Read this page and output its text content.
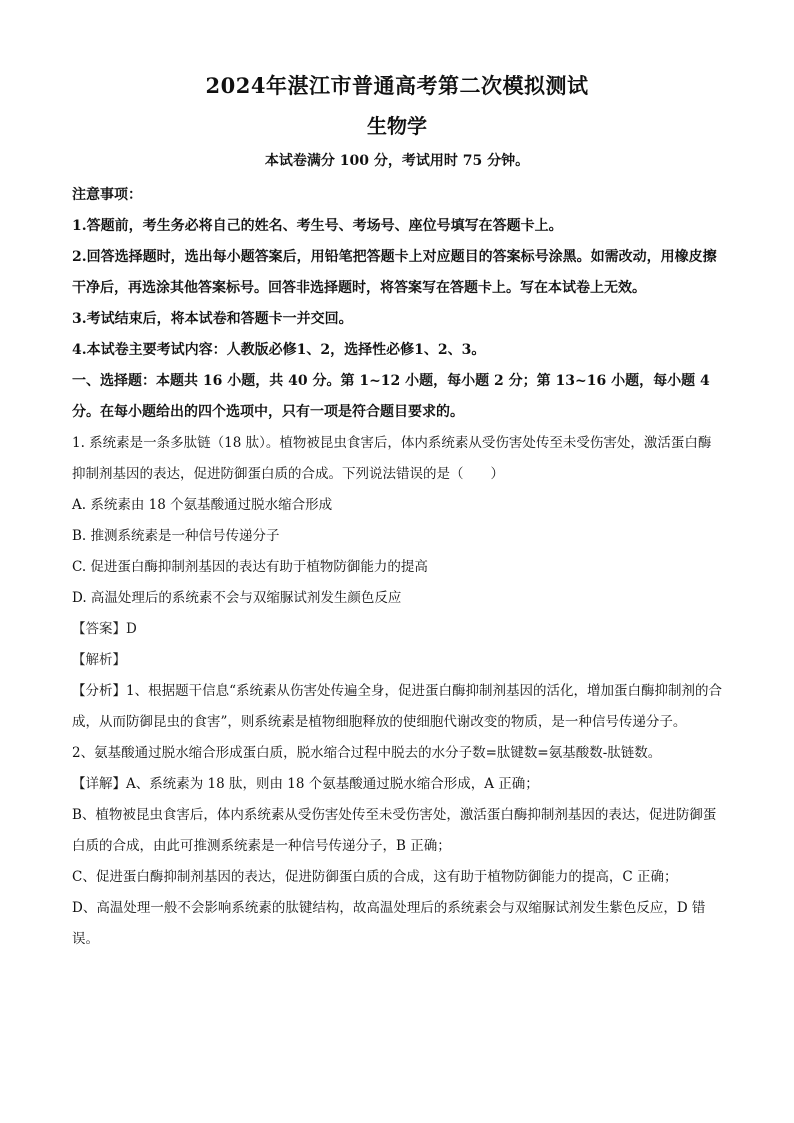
2024年湛江市普通高考第二次模拟测试
生物学
本试卷满分 100 分，考试用时 75 分钟。

注意事项：

1.答题前，考生务必将自己的姓名、考生号、考场号、座位号填写在答题卡上。

2.回答选择题时，选出每小题答案后，用铅笔把答题卡上对应题目的答案标号涂黑。如需改动，用橡皮擦干净后，再选涂其他答案标号。回答非选择题时，将答案写在答题卡上。写在本试卷上无效。

3.考试结束后，将本试卷和答题卡一并交回。

4.本试卷主要考试内容：人教版必修1、2，选择性必修1、2、3。

一、选择题：本题共 16 小题，共 40 分。第 1~12 小题，每小题 2 分；第 13~16 小题，每小题 4 分。在每小题给出的四个选项中，只有一项是符合题目要求的。

1. 系统素是一条多肽链（18 肽）。植物被昆虫食害后，体内系统素从受伤害处传至未受伤害处，激活蛋白酶抑制剂基因的表达，促进防御蛋白质的合成。下列说法错误的是（　　）

A. 系统素由 18 个氨基酸通过脱水缩合形成

B. 推测系统素是一种信号传递分子

C. 促进蛋白酶抑制剂基因的表达有助于植物防御能力的提高

D. 高温处理后的系统素不会与双缩脲试剂发生颜色反应

【答案】D

【解析】

【分析】1、根据题干信息“系统素从伤害处传遍全身，促进蛋白酶抑制剂基因的活化，增加蛋白酶抑制剂的合成，从而防御昆虫的食害”，则系统素是植物细胞释放的使细胞代谢改变的物质，是一种信号传递分子。

2、氨基酸通过脱水缩合形成蛋白质，脱水缩合过程中脱去的水分子数=肽键数=氨基酸数-肽链数。

【详解】A、系统素为 18 肽，则由 18 个氨基酸通过脱水缩合形成，A 正确；

B、植物被昆虫食害后，体内系统素从受伤害处传至未受伤害处，激活蛋白酶抑制剂基因的表达，促进防御蛋白质的合成，由此可推测系统素是一种信号传递分子，B 正确；

C、促进蛋白酶抑制剂基因的表达，促进防御蛋白质的合成，这有助于植物防御能力的提高，C 正确；

D、高温处理一般不会影响系统素的肽键结构，故高温处理后的系统素会与双缩脲试剂发生紫色反应，D 错误。
